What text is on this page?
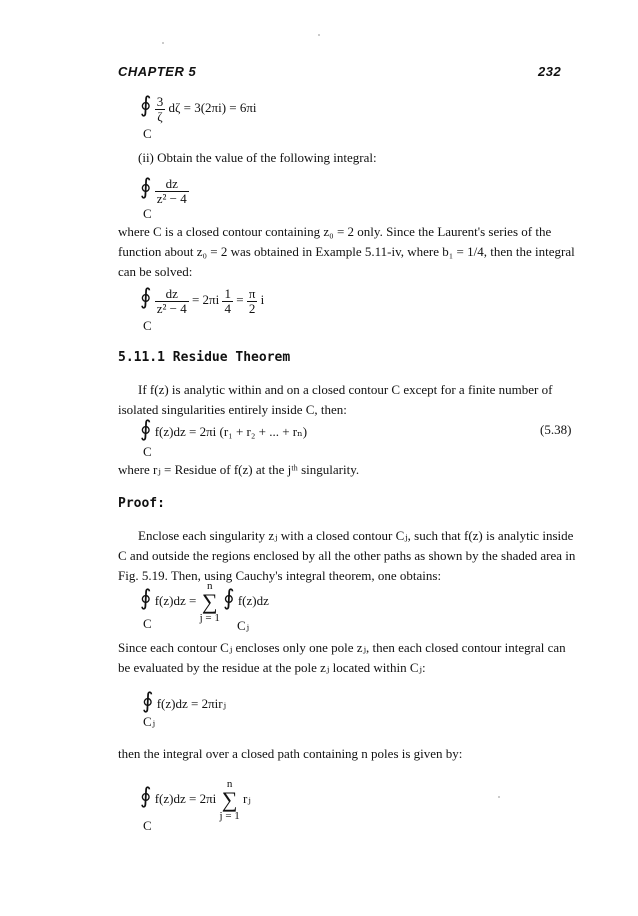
CHAPTER 5	232
∮ $\frac{3}{\zeta}$ dζ = 3(2πi) = 6πi
C
(ii) Obtain the value of the following integral:
∮ $\frac{dz}{\text{z² − 4}}$
C
where C is a closed contour containing z₀ = 2 only. Since the Laurent's series of the function about z₀ = 2 was obtained in Example 5.11-iv, where b₁ = 1/4, then the integral can be solved:
∮ $\frac{dz}{\text{z² − 4}} = 2\pi i \frac{1}{4} = \frac{\pi}{2}$ i
C
5.11.1 Residue Theorem
If f(z) is analytic within and on a closed contour C except for a finite number of isolated singularities entirely inside C, then:
∮ f(z)dz = 2πi (r₁ + r₂ + ... + rₙ)	(5.38)
C
where rⱼ = Residue of f(z) at the jᵗʰ singularity.
Proof:
Enclose each singularity zⱼ with a closed contour Cⱼ, such that f(z) is analytic inside C and outside the regions enclosed by all the other paths as shown by the shaded area in Fig. 5.19. Then, using Cauchy's integral theorem, one obtains:
∮ f(z)dz =
n
∑
j = 1
∮ f(z)dz
C	Cⱼ
Since each contour Cⱼ encloses only one pole zⱼ, then each closed contour integral can be evaluated by the residue at the pole zⱼ located within Cⱼ:
∮ f(z)dz = 2πirⱼ
Cⱼ
then the integral over a closed path containing n poles is given by:
∮ f(z)dz = 2πi
n
∑
j = 1
rⱼ
C
